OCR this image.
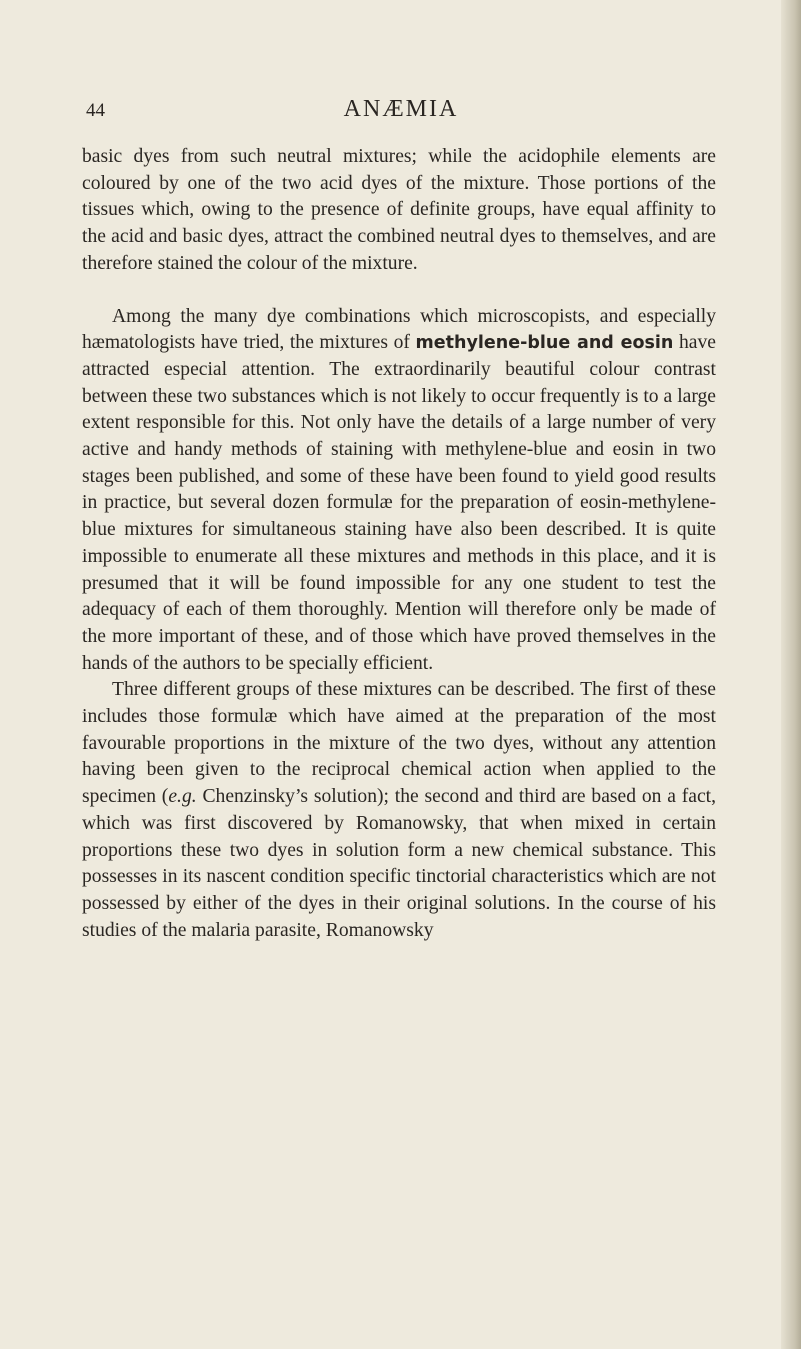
44	ANÆMIA

basic dyes from such neutral mixtures; while the acidophile elements are coloured by one of the two acid dyes of the mixture. Those portions of the tissues which, owing to the presence of definite groups, have equal affinity to the acid and basic dyes, attract the combined neutral dyes to themselves, and are therefore stained the colour of the mixture.

Among the many dye combinations which microscopists, and especially hæmatologists have tried, the mixtures of methylene-blue and eosin have attracted especial attention. The extraordinarily beautiful colour contrast between these two substances which is not likely to occur frequently is to a large extent responsible for this. Not only have the details of a large number of very active and handy methods of staining with methylene-blue and eosin in two stages been published, and some of these have been found to yield good results in practice, but several dozen formulæ for the preparation of eosin-methylene-blue mixtures for simultaneous staining have also been described. It is quite impossible to enumerate all these mixtures and methods in this place, and it is presumed that it will be found impossible for any one student to test the adequacy of each of them thoroughly. Mention will therefore only be made of the more important of these, and of those which have proved themselves in the hands of the authors to be specially efficient.

Three different groups of these mixtures can be described. The first of these includes those formulæ which have aimed at the preparation of the most favourable proportions in the mixture of the two dyes, without any attention having been given to the reciprocal chemical action when applied to the specimen (e.g. Chenzinsky’s solution); the second and third are based on a fact, which was first discovered by Romanowsky, that when mixed in certain proportions these two dyes in solution form a new chemical substance. This possesses in its nascent condition specific tinctorial characteristics which are not possessed by either of the dyes in their original solutions. In the course of his studies of the malaria parasite, Romanowsky
